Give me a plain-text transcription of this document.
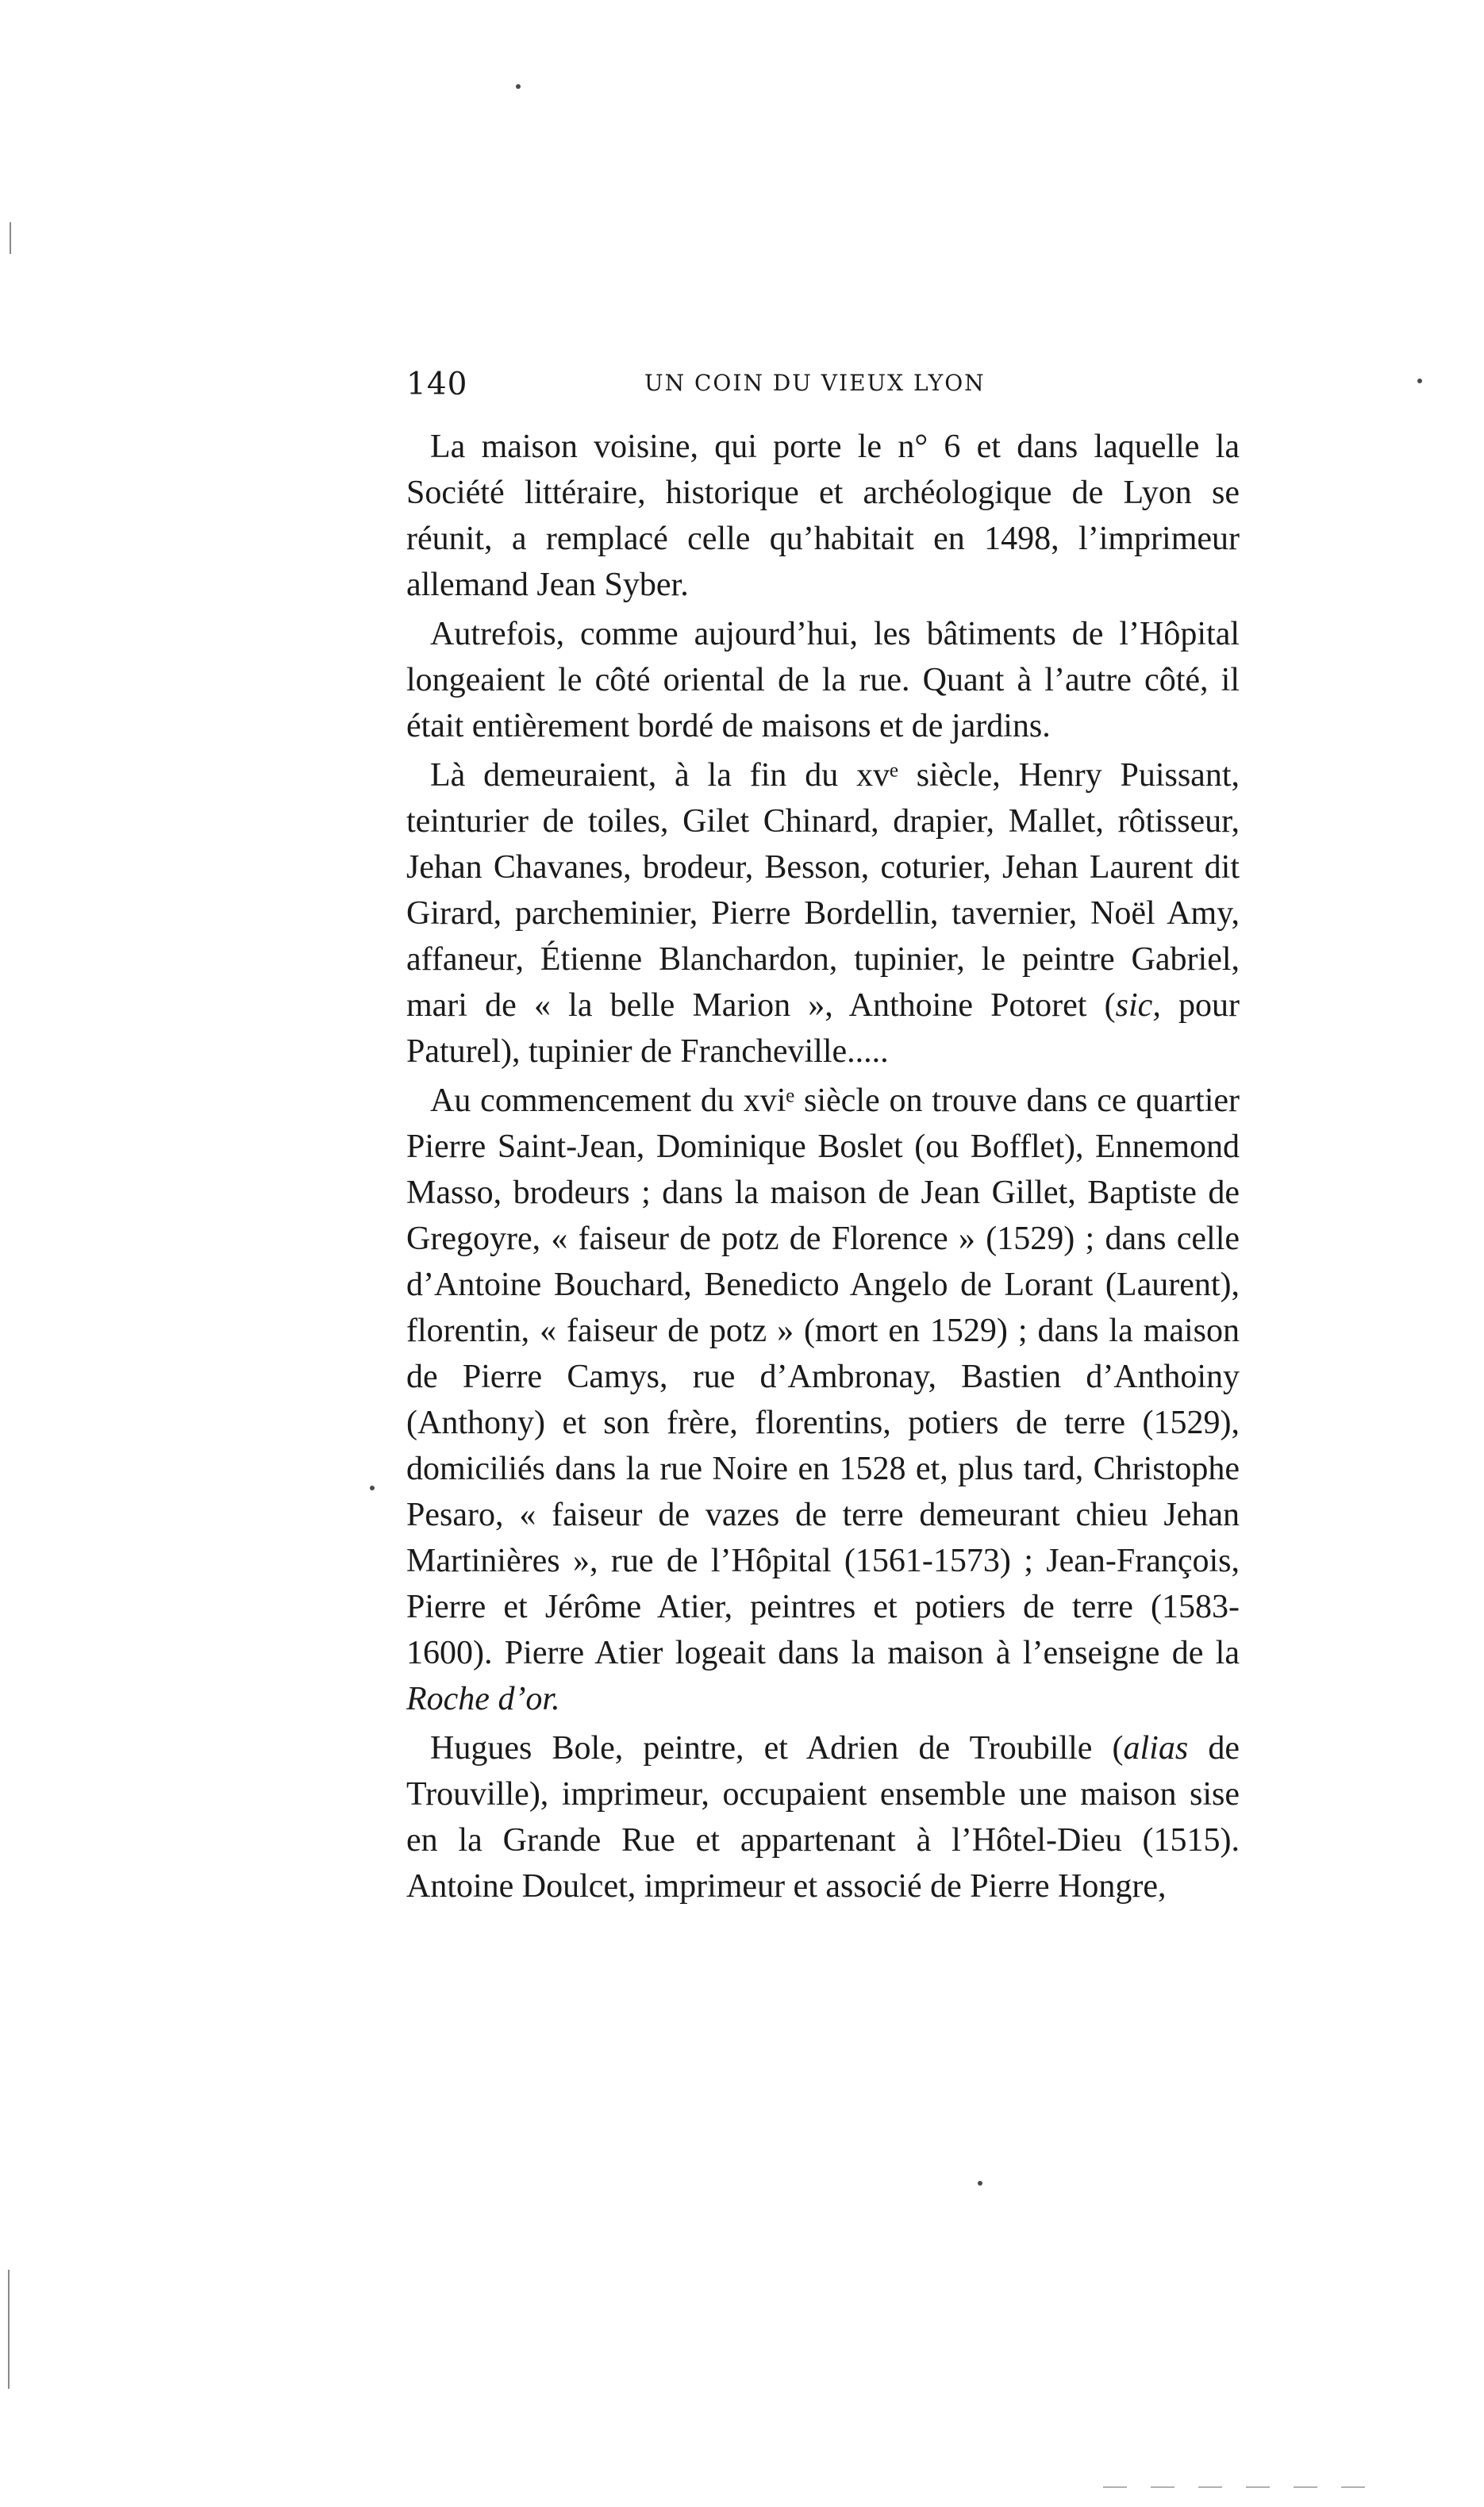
140	UN COIN DU VIEUX LYON

La maison voisine, qui porte le n° 6 et dans laquelle la Société littéraire, historique et archéologique de Lyon se réunit, a remplacé celle qu’habitait en 1498, l’imprimeur allemand Jean Syber.

Autrefois, comme aujourd’hui, les bâtiments de l’Hôpital longeaient le côté oriental de la rue. Quant à l’autre côté, il était entièrement bordé de maisons et de jardins.

Là demeuraient, à la fin du xvᵉ siècle, Henry Puissant, teinturier de toiles, Gilet Chinard, drapier, Mallet, rôtisseur, Jehan Chavanes, brodeur, Besson, coturier, Jehan Laurent dit Girard, parcheminier, Pierre Bordellin, tavernier, Noël Amy, affaneur, Étienne Blanchardon, tupinier, le peintre Gabriel, mari de « la belle Marion », Anthoine Potoret (sic, pour Paturel), tupinier de Francheville.....

Au commencement du xviᵉ siècle on trouve dans ce quartier Pierre Saint-Jean, Dominique Boslet (ou Bofflet), Ennemond Masso, brodeurs ; dans la maison de Jean Gillet, Baptiste de Gregoyre, « faiseur de potz de Florence » (1529) ; dans celle d’Antoine Bouchard, Benedicto Angelo de Lorant (Laurent), florentin, « faiseur de potz » (mort en 1529) ; dans la maison de Pierre Camys, rue d’Ambronay, Bastien d’Anthoiny (Anthony) et son frère, florentins, potiers de terre (1529), domiciliés dans la rue Noire en 1528 et, plus tard, Christophe Pesaro, « faiseur de vazes de terre demeurant chieu Jehan Martinières », rue de l’Hôpital (1561-1573) ; Jean-François, Pierre et Jérôme Atier, peintres et potiers de terre (1583-1600). Pierre Atier logeait dans la maison à l’enseigne de la Roche d’or.

Hugues Bole, peintre, et Adrien de Troubille (alias de Trouville), imprimeur, occupaient ensemble une maison sise en la Grande Rue et appartenant à l’Hôtel-Dieu (1515). Antoine Doulcet, imprimeur et associé de Pierre Hongre,
